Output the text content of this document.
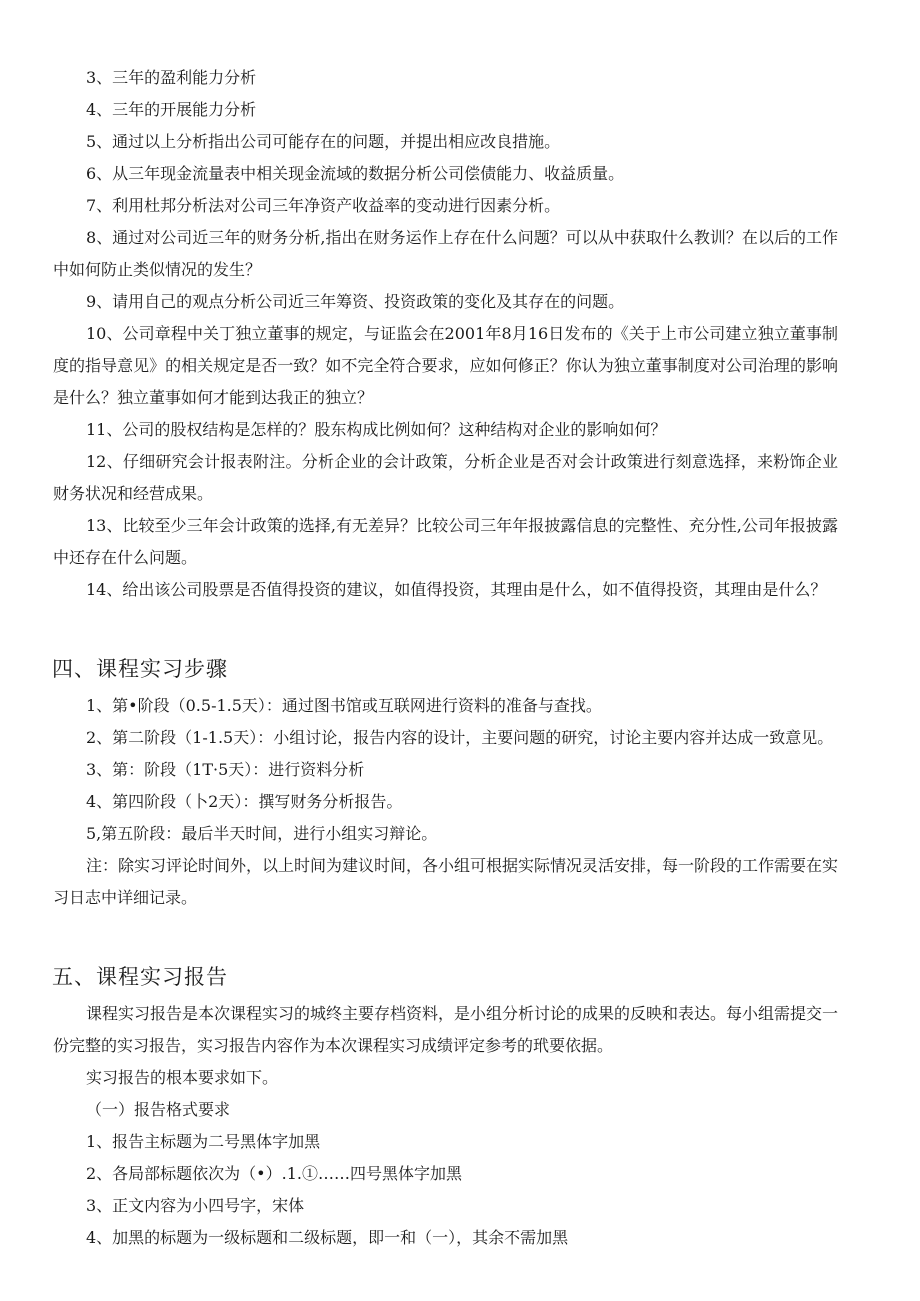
3、三年的盈利能力分析

4、三年的开展能力分析

5、通过以上分析指出公司可能存在的问题，并提出相应改良措施。

6、从三年现金流量表中相关现金流域的数据分析公司偿债能力、收益质量。

7、利用杜邦分析法对公司三年净资产收益率的变动进行因素分析。

8、通过对公司近三年的财务分析,指出在财务运作上存在什么问题？可以从中获取什么教训？在以后的工作中如何防止类似情况的发生？

9、请用自己的观点分析公司近三年筹资、投资政策的变化及其存在的问题。

10、公司章程中关丁独立董事的规定，与证监会在2001年8月16日发布的《关于上市公司建立独立董事制度的指导意见》的相关规定是否一致？如不完全符合要求，应如何修正？你认为独立董事制度对公司治理的影响是什么？独立董事如何才能到达我正的独立？

11、公司的股权结构是怎样的？股东构成比例如何？这种结构对企业的影响如何？

12、仔细研究会计报表附注。分析企业的会计政策，分析企业是否对会计政策进行刻意选择，来粉饰企业财务状况和经营成果。

13、比较至少三年会计政策的选择,有无差异？比较公司三年年报披露信息的完整性、充分性,公司年报披露中还存在什么问题。

14、给出该公司股票是否值得投资的建议，如值得投资，其理由是什么，如不值得投资，其理由是什么？

四、课程实习步骤

1、第•阶段（0.5-1.5天）：通过图书馆或互联网进行资料的准备与查找。

2、第二阶段（1-1.5天）：小组讨论，报告内容的设计，主要问题的研究，讨论主要内容并达成一致意见。

3、第：阶段（1T·5天）：进行资料分析

4、第四阶段（卜2天）：撰写财务分析报告。

5,第五阶段：最后半天时间，进行小组实习辩论。

注：除实习评论时间外，以上时间为建议时间，各小组可根据实际情况灵活安排，每一阶段的工作需要在实习日志中详细记录。

五、课程实习报告

课程实习报告是本次课程实习的城终主要存档资料，是小组分析讨论的成果的反映和表达。每小组需提交一份完整的实习报告，实习报告内容作为本次课程实习成绩评定参考的玳要依据。

实习报告的根本要求如下。

（一）报告格式要求

1、报告主标题为二号黑体字加黑

2、各局部标题依次为（•）.1.①……四号黑体字加黑

3、正文内容为小四号字，宋体

4、加黑的标题为一级标题和二级标题，即一和（一），其余不需加黑
